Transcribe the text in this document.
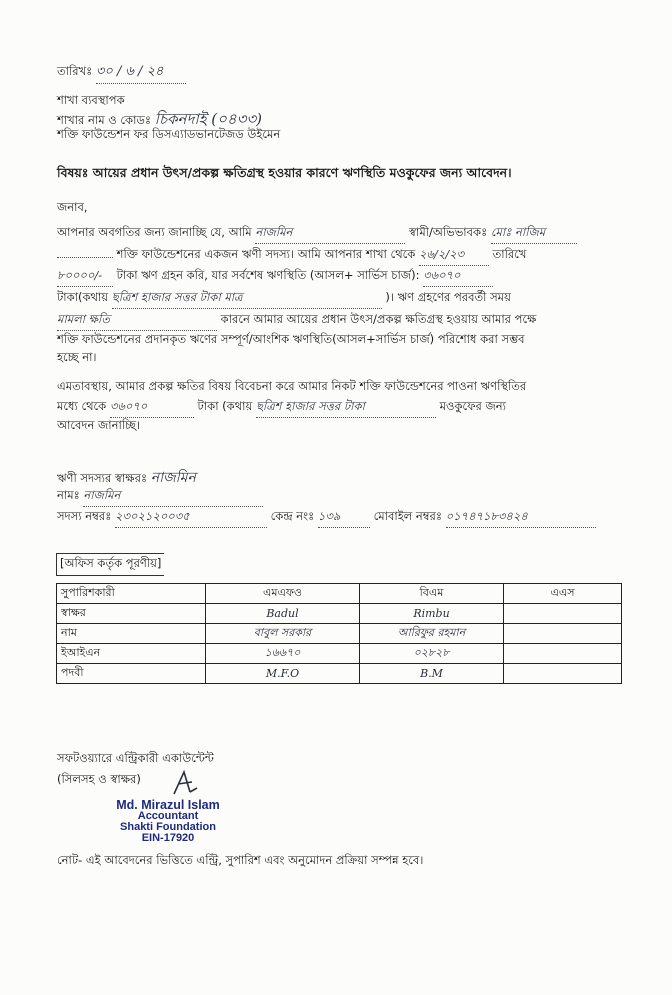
তারিখঃ ৩০ / ৬ / ২৪
শাখা ব্যবস্থাপক
শাখার নাম ও কোডঃ চিকনদাই (০৪৩৩)
শক্তি ফাউন্ডেশন ফর ডিসএ্যাডভানটেজড উইমেন
বিষয়ঃ আয়ের প্রধান উৎস/প্রকল্প ক্ষতিগ্রস্থ হওয়ার কারণে ঋণস্থিতি মওকুফের জন্য আবেদন।
জনাব,
আপনার অবগতির জন্য জানাচ্ছি যে, আমি নাজমিন	স্বামী/অভিভাবকঃ মোঃ নাজিম
শক্তি ফাউন্ডেশনের একজন ঋণী সদস্য। আমি আপনার শাখা থেকে ২৬/২/২৩ তারিখে
৮০০০০/- টাকা ঋণ গ্রহন করি, যার সর্বশেষ ঋণস্থিতি (আসল+ সার্ভিস চার্জ): ৩৬০৭০
টাকা(কথায় ছত্রিশ হাজার সত্তর টাকা মাত্র	)। ঋণ গ্রহণের পরবর্তী সময়
মামলা ক্ষতি	কারনে আমার আয়ের প্রধান উৎস/প্রকল্প ক্ষতিগ্রস্থ হওয়ায় আমার পক্ষে
শক্তি ফাউন্ডেশনের প্রদানকৃত ঋণের সম্পূর্ণ/আংশিক ঋণস্থিতি(আসল+সার্ভিস চার্জ) পরিশোধ করা সম্ভব
হচ্ছে না।
এমতাবস্থায়, আমার প্রকল্প ক্ষতির বিষয় বিবেচনা করে আমার নিকট শক্তি ফাউন্ডেশনের পাওনা ঋণস্থিতির
মধ্যে থেকে ৩৬০৭০	টাকা (কথায় ছত্রিশ হাজার সত্তর টাকা	মওকুফের জন্য
আবেদন জানাচ্ছি।
ঋণী সদস্যর স্বাক্ষরঃ নাজমিন
নামঃ নাজমিন
সদস্য নম্বরঃ ২৩০২১২০০৩৫	কেন্দ্র নংঃ ১৩৯	মোবাইল নম্বরঃ ০১৭৪৭১৮৩৪২৪
[অফিস কর্তৃক পূরণীয়]
সুপারিশকারী	এমএফও	বিএম	এএস
স্বাক্ষর	Badul	Rimbu	
নাম	বাবুল সরকার	আরিফুর রহমান	
ইআইএন	১৬৬৭০	০২৮২৮	
পদবী	M.F.O	B.M	
সফটওয়্যারে এন্ট্রিকারী একাউন্টেন্ট
(সিলসহ ও স্বাক্ষর)
Md. Mirazul Islam
Accountant
Shakti Foundation
EIN-17920
নোট- এই আবেদনের ভিত্তিতে এন্ট্রি, সুপারিশ এবং অনুমোদন প্রক্রিয়া সম্পন্ন হবে।
